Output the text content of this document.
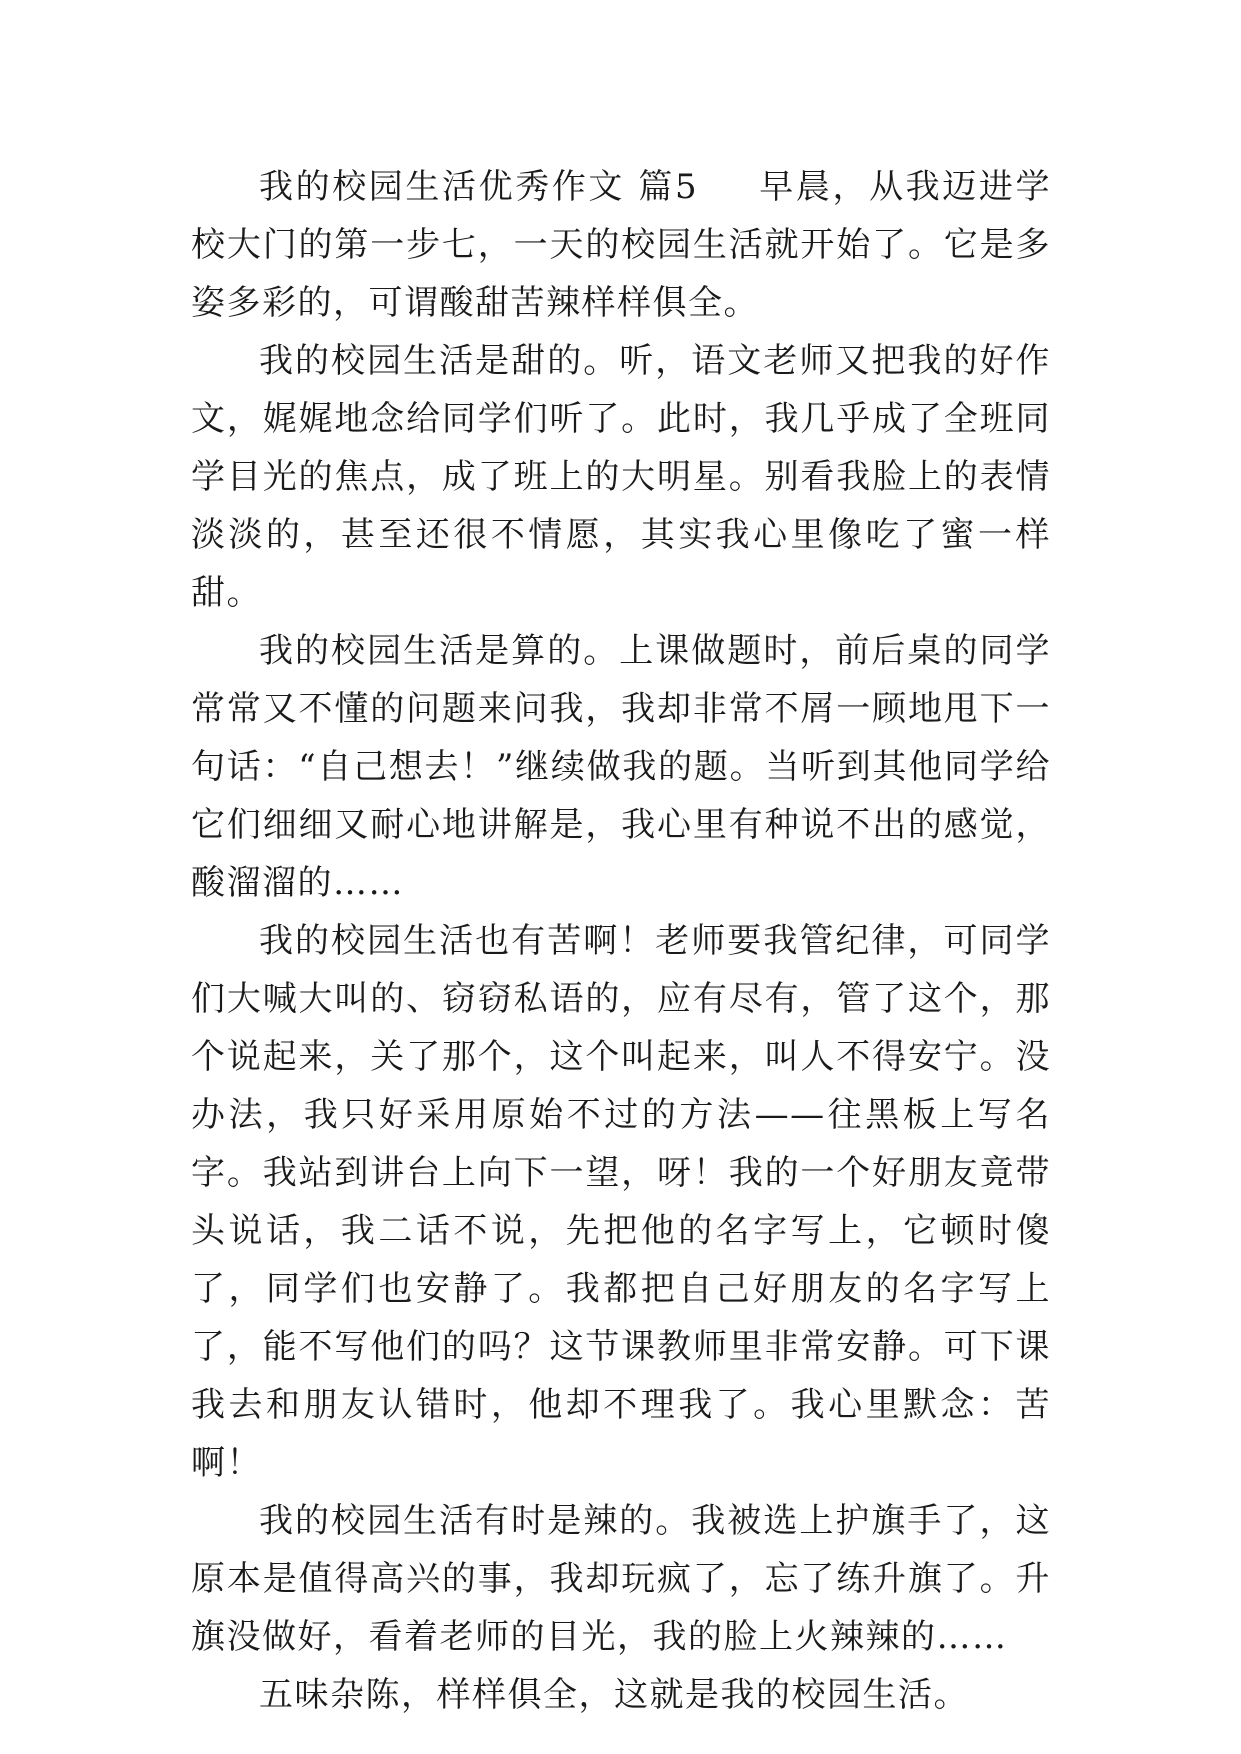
我的校园生活优秀作文 篇5 早晨，从我迈进学校大门的第一步七，一天的校园生活就开始了。它是多姿多彩的，可谓酸甜苦辣样样俱全。

我的校园生活是甜的。听，语文老师又把我的好作文，娓娓地念给同学们听了。此时，我几乎成了全班同学目光的焦点，成了班上的大明星。别看我脸上的表情淡淡的，甚至还很不情愿，其实我心里像吃了蜜一样甜。

我的校园生活是算的。上课做题时，前后桌的同学常常又不懂的问题来问我，我却非常不屑一顾地甩下一句话：“自己想去！”继续做我的题。当听到其他同学给它们细细又耐心地讲解是，我心里有种说不出的感觉，酸溜溜的……

我的校园生活也有苦啊！老师要我管纪律，可同学们大喊大叫的、窃窃私语的，应有尽有，管了这个，那个说起来，关了那个，这个叫起来，叫人不得安宁。没办法，我只好采用原始不过的方法——往黑板上写名字。我站到讲台上向下一望，呀！我的一个好朋友竟带头说话，我二话不说，先把他的名字写上，它顿时傻了，同学们也安静了。我都把自己好朋友的名字写上了，能不写他们的吗？这节课教师里非常安静。可下课我去和朋友认错时，他却不理我了。我心里默念：苦啊！

我的校园生活有时是辣的。我被选上护旗手了，这原本是值得高兴的事，我却玩疯了，忘了练升旗了。升旗没做好，看着老师的目光，我的脸上火辣辣的……

五味杂陈，样样俱全，这就是我的校园生活。
